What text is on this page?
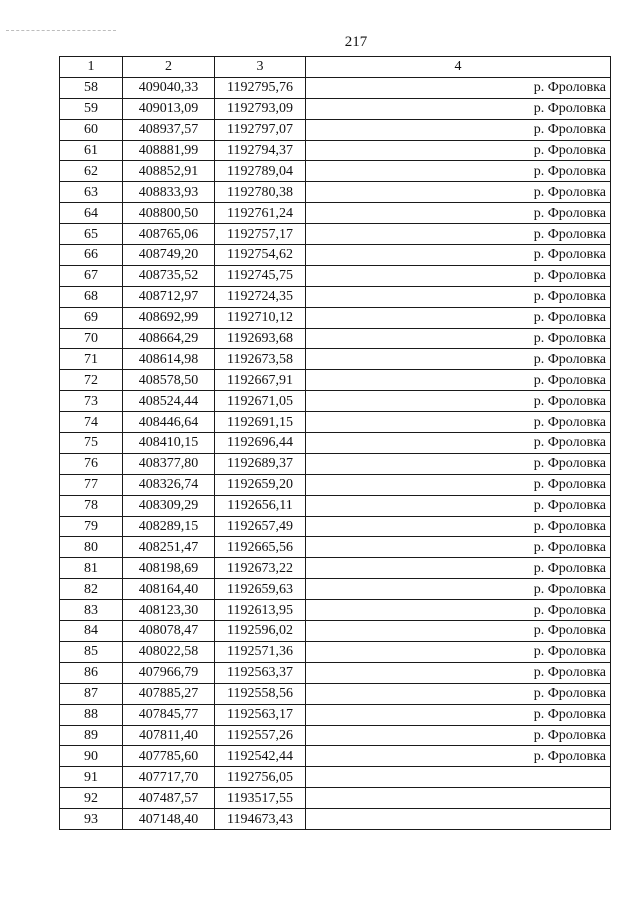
217
1	2	3	4
58	409040,33	1192795,76	р. Фроловка
59	409013,09	1192793,09	р. Фроловка
60	408937,57	1192797,07	р. Фроловка
61	408881,99	1192794,37	р. Фроловка
62	408852,91	1192789,04	р. Фроловка
63	408833,93	1192780,38	р. Фроловка
64	408800,50	1192761,24	р. Фроловка
65	408765,06	1192757,17	р. Фроловка
66	408749,20	1192754,62	р. Фроловка
67	408735,52	1192745,75	р. Фроловка
68	408712,97	1192724,35	р. Фроловка
69	408692,99	1192710,12	р. Фроловка
70	408664,29	1192693,68	р. Фроловка
71	408614,98	1192673,58	р. Фроловка
72	408578,50	1192667,91	р. Фроловка
73	408524,44	1192671,05	р. Фроловка
74	408446,64	1192691,15	р. Фроловка
75	408410,15	1192696,44	р. Фроловка
76	408377,80	1192689,37	р. Фроловка
77	408326,74	1192659,20	р. Фроловка
78	408309,29	1192656,11	р. Фроловка
79	408289,15	1192657,49	р. Фроловка
80	408251,47	1192665,56	р. Фроловка
81	408198,69	1192673,22	р. Фроловка
82	408164,40	1192659,63	р. Фроловка
83	408123,30	1192613,95	р. Фроловка
84	408078,47	1192596,02	р. Фроловка
85	408022,58	1192571,36	р. Фроловка
86	407966,79	1192563,37	р. Фроловка
87	407885,27	1192558,56	р. Фроловка
88	407845,77	1192563,17	р. Фроловка
89	407811,40	1192557,26	р. Фроловка
90	407785,60	1192542,44	р. Фроловка
91	407717,70	1192756,05	
92	407487,57	1193517,55	
93	407148,40	1194673,43	
